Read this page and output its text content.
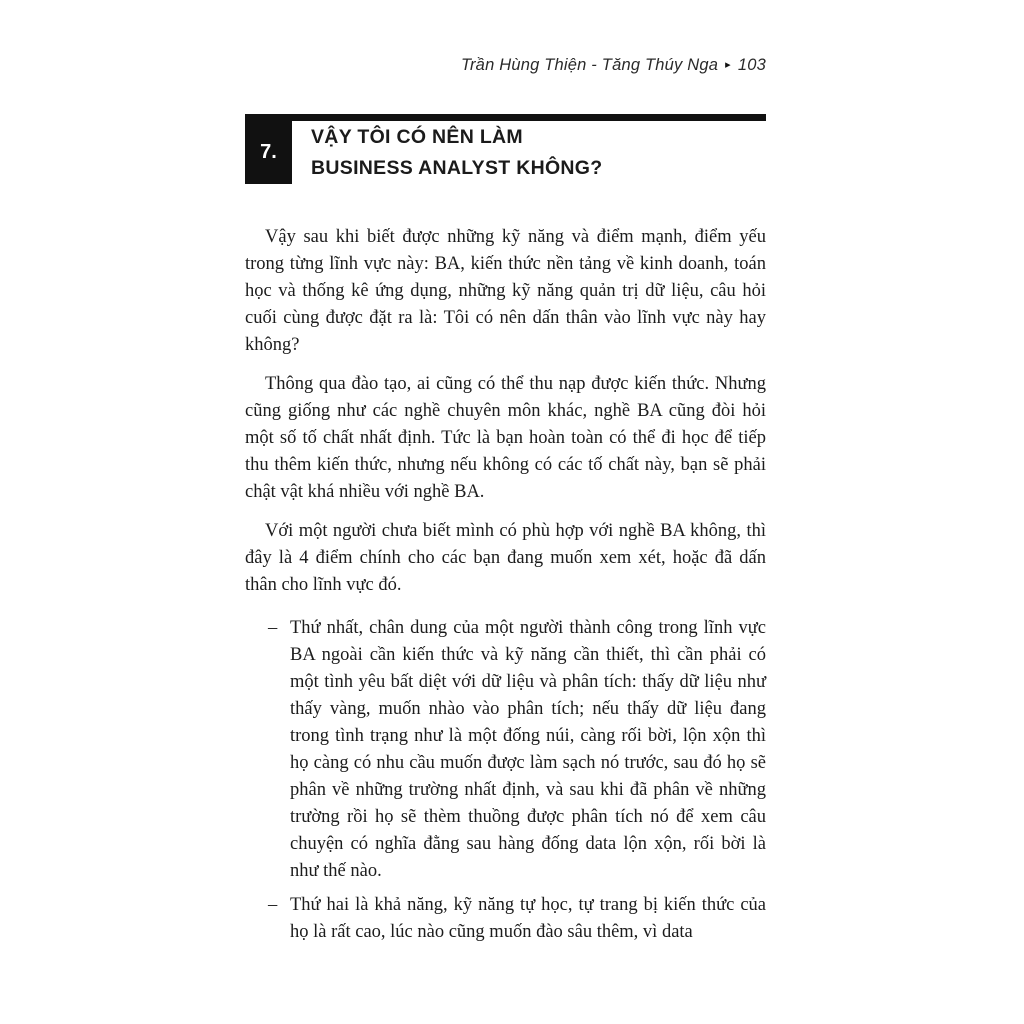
Trần Hùng Thiện - Tăng Thúy Nga ▸ 103
7.
VẬY TÔI CÓ NÊN LÀM
BUSINESS ANALYST KHÔNG?

Vậy sau khi biết được những kỹ năng và điểm mạnh, điểm yếu trong từng lĩnh vực này: BA, kiến thức nền tảng về kinh doanh, toán học và thống kê ứng dụng, những kỹ năng quản trị dữ liệu, câu hỏi cuối cùng được đặt ra là: Tôi có nên dấn thân vào lĩnh vực này hay không?

Thông qua đào tạo, ai cũng có thể thu nạp được kiến thức. Nhưng cũng giống như các nghề chuyên môn khác, nghề BA cũng đòi hỏi một số tố chất nhất định. Tức là bạn hoàn toàn có thể đi học để tiếp thu thêm kiến thức, nhưng nếu không có các tố chất này, bạn sẽ phải chật vật khá nhiều với nghề BA.

Với một người chưa biết mình có phù hợp với nghề BA không, thì đây là 4 điểm chính cho các bạn đang muốn xem xét, hoặc đã dấn thân cho lĩnh vực đó.

– Thứ nhất, chân dung của một người thành công trong lĩnh vực BA ngoài cần kiến thức và kỹ năng cần thiết, thì cần phải có một tình yêu bất diệt với dữ liệu và phân tích: thấy dữ liệu như thấy vàng, muốn nhào vào phân tích; nếu thấy dữ liệu đang trong tình trạng như là một đống núi, càng rối bời, lộn xộn thì họ càng có nhu cầu muốn được làm sạch nó trước, sau đó họ sẽ phân về những trường nhất định, và sau khi đã phân về những trường rồi họ sẽ thèm thuồng được phân tích nó để xem câu chuyện có nghĩa đằng sau hàng đống data lộn xộn, rối bời là như thế nào.
– Thứ hai là khả năng, kỹ năng tự học, tự trang bị kiến thức của họ là rất cao, lúc nào cũng muốn đào sâu thêm, vì data
